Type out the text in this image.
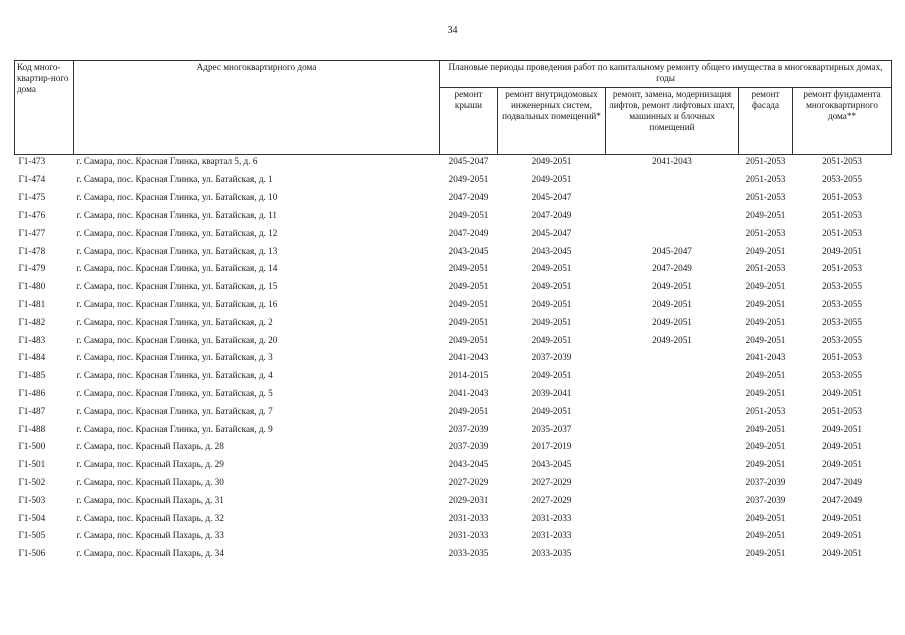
34
Код много-квартир-ного дома	Адрес многоквартирного дома	Плановые периоды проведения работ по капитальному ремонту общего имущества в многоквартирных домах, годы				
		ремонт крыши	ремонт внутридомовых инженерных систем, подвальных помещений*	ремонт, замена, модернизация лифтов, ремонт лифтовых шахт, машинных и блочных помещений	ремонт фасада	ремонт фундамента многоквартирного дома**
Г1-473	г. Самара, пос. Красная Глинка, квартал 5, д. 6	2045-2047	2049-2051	2041-2043	2051-2053	2051-2053
Г1-474	г. Самара, пос. Красная Глинка, ул. Батайская, д. 1	2049-2051	2049-2051		2051-2053	2053-2055
Г1-475	г. Самара, пос. Красная Глинка, ул. Батайская, д. 10	2047-2049	2045-2047		2051-2053	2051-2053
Г1-476	г. Самара, пос. Красная Глинка, ул. Батайская, д. 11	2049-2051	2047-2049		2049-2051	2051-2053
Г1-477	г. Самара, пос. Красная Глинка, ул. Батайская, д. 12	2047-2049	2045-2047		2051-2053	2051-2053
Г1-478	г. Самара, пос. Красная Глинка, ул. Батайская, д. 13	2043-2045	2043-2045	2045-2047	2049-2051	2049-2051
Г1-479	г. Самара, пос. Красная Глинка, ул. Батайская, д. 14	2049-2051	2049-2051	2047-2049	2051-2053	2051-2053
Г1-480	г. Самара, пос. Красная Глинка, ул. Батайская, д. 15	2049-2051	2049-2051	2049-2051	2049-2051	2053-2055
Г1-481	г. Самара, пос. Красная Глинка, ул. Батайская, д. 16	2049-2051	2049-2051	2049-2051	2049-2051	2053-2055
Г1-482	г. Самара, пос. Красная Глинка, ул. Батайская, д. 2	2049-2051	2049-2051	2049-2051	2049-2051	2053-2055
Г1-483	г. Самара, пос. Красная Глинка, ул. Батайская, д. 20	2049-2051	2049-2051	2049-2051	2049-2051	2053-2055
Г1-484	г. Самара, пос. Красная Глинка, ул. Батайская, д. 3	2041-2043	2037-2039		2041-2043	2051-2053
Г1-485	г. Самара, пос. Красная Глинка, ул. Батайская, д. 4	2014-2015	2049-2051		2049-2051	2053-2055
Г1-486	г. Самара, пос. Красная Глинка, ул. Батайская, д. 5	2041-2043	2039-2041		2049-2051	2049-2051
Г1-487	г. Самара, пос. Красная Глинка, ул. Батайская, д. 7	2049-2051	2049-2051		2051-2053	2051-2053
Г1-488	г. Самара, пос. Красная Глинка, ул. Батайская, д. 9	2037-2039	2035-2037		2049-2051	2049-2051
Г1-500	г. Самара, пос. Красный Пахарь, д. 28	2037-2039	2017-2019		2049-2051	2049-2051
Г1-501	г. Самара, пос. Красный Пахарь, д. 29	2043-2045	2043-2045		2049-2051	2049-2051
Г1-502	г. Самара, пос. Красный Пахарь, д. 30	2027-2029	2027-2029		2037-2039	2047-2049
Г1-503	г. Самара, пос. Красный Пахарь, д. 31	2029-2031	2027-2029		2037-2039	2047-2049
Г1-504	г. Самара, пос. Красный Пахарь, д. 32	2031-2033	2031-2033		2049-2051	2049-2051
Г1-505	г. Самара, пос. Красный Пахарь, д. 33	2031-2033	2031-2033		2049-2051	2049-2051
Г1-506	г. Самара, пос. Красный Пахарь, д. 34	2033-2035	2033-2035		2049-2051	2049-2051
